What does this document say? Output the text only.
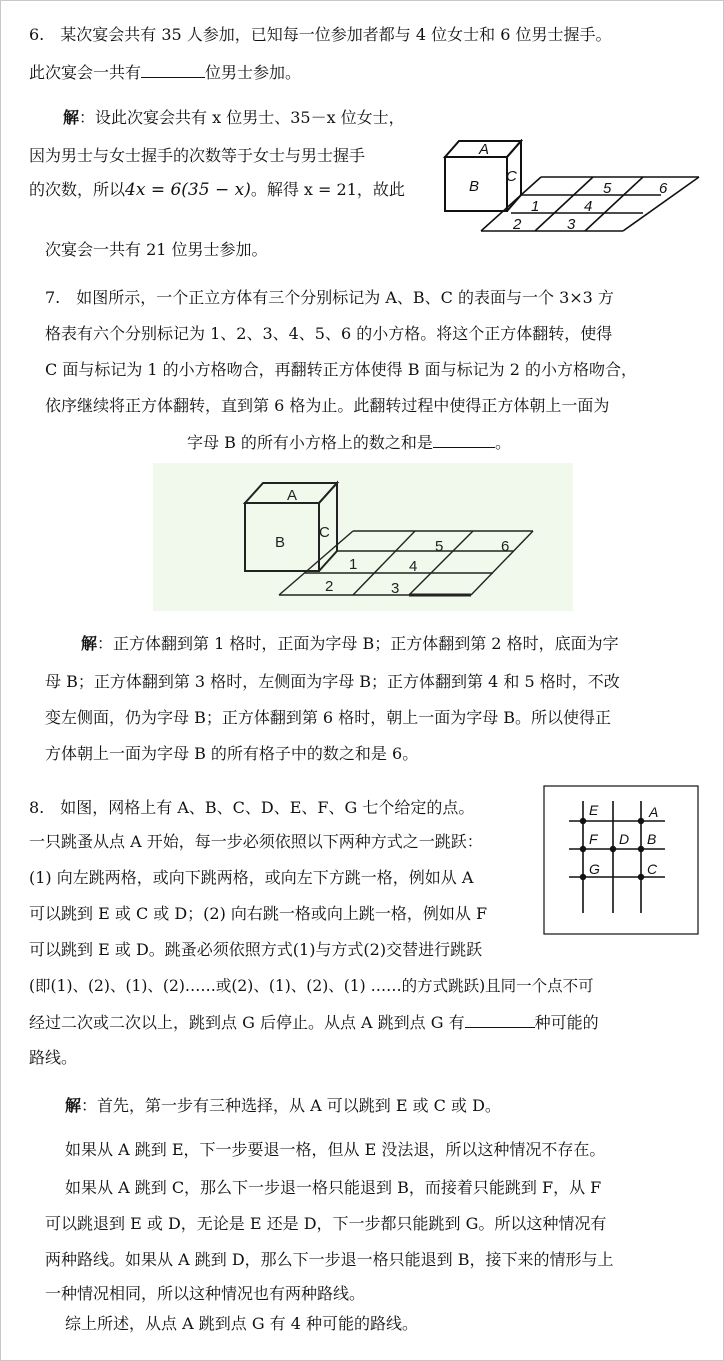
6.　某次宴会共有 35 人参加，已知每一位参加者都与 4 位女士和 6 位男士握手。
此次宴会一共有	位男士参加。
解：设此次宴会共有 x 位男士、35－x 位女士，
因为男士与女士握手的次数等于女士与男士握手
的次数，所以4x = 6(35 − x)。解得 x = 21，故此
次宴会一共有 21 位男士参加。
A
B
C
1
2	3
4
5	6
7.　如图所示，一个正立方体有三个分别标记为 A、B、C 的表面与一个 3×3 方
格表有六个分别标记为 1、2、3、4、5、6 的小方格。将这个正方体翻转，使得
C 面与标记为 1 的小方格吻合，再翻转正方体使得 B 面与标记为 2 的小方格吻合，
依序继续将正方体翻转，直到第 6 格为止。此翻转过程中使得正方体朝上一面为
字母 B 的所有小方格上的数之和是	。
A
B
C
1
2	3
4
5	6
解：正方体翻到第 1 格时，正面为字母 B；正方体翻到第 2 格时，底面为字
母 B；正方体翻到第 3 格时，左侧面为字母 B；正方体翻到第 4 和 5 格时，不改
变左侧面，仍为字母 B；正方体翻到第 6 格时，朝上一面为字母 B。所以使得正
方体朝上一面为字母 B 的所有格子中的数之和是 6。
8.　如图，网格上有 A、B、C、D、E、F、G 七个给定的点。
一只跳蚤从点 A 开始，每一步必须依照以下两种方式之一跳跃：
(1) 向左跳两格，或向下跳两格，或向左下方跳一格，例如从 A
可以跳到 E 或 C 或 D；(2) 向右跳一格或向上跳一格，例如从 F
可以跳到 E 或 D。跳蚤必须依照方式(1)与方式(2)交替进行跳跃
(即(1)、(2)、(1)、(2)……或(2)、(1)、(2)、(1) ……的方式跳跃)且同一个点不可
经过二次或二次以上，跳到点 G 后停止。从点 A 跳到点 G 有	种可能的
路线。
E	A
F D B
G	C
解：首先，第一步有三种选择，从 A 可以跳到 E 或 C 或 D。
如果从 A 跳到 E，下一步要退一格，但从 E 没法退，所以这种情况不存在。
如果从 A 跳到 C，那么下一步退一格只能退到 B，而接着只能跳到 F，从 F
可以跳退到 E 或 D，无论是 E 还是 D，下一步都只能跳到 G。所以这种情况有
两种路线。如果从 A 跳到 D，那么下一步退一格只能退到 B，接下来的情形与上
一种情况相同，所以这种情况也有两种路线。
综上所述，从点 A 跳到点 G 有 4 种可能的路线。
